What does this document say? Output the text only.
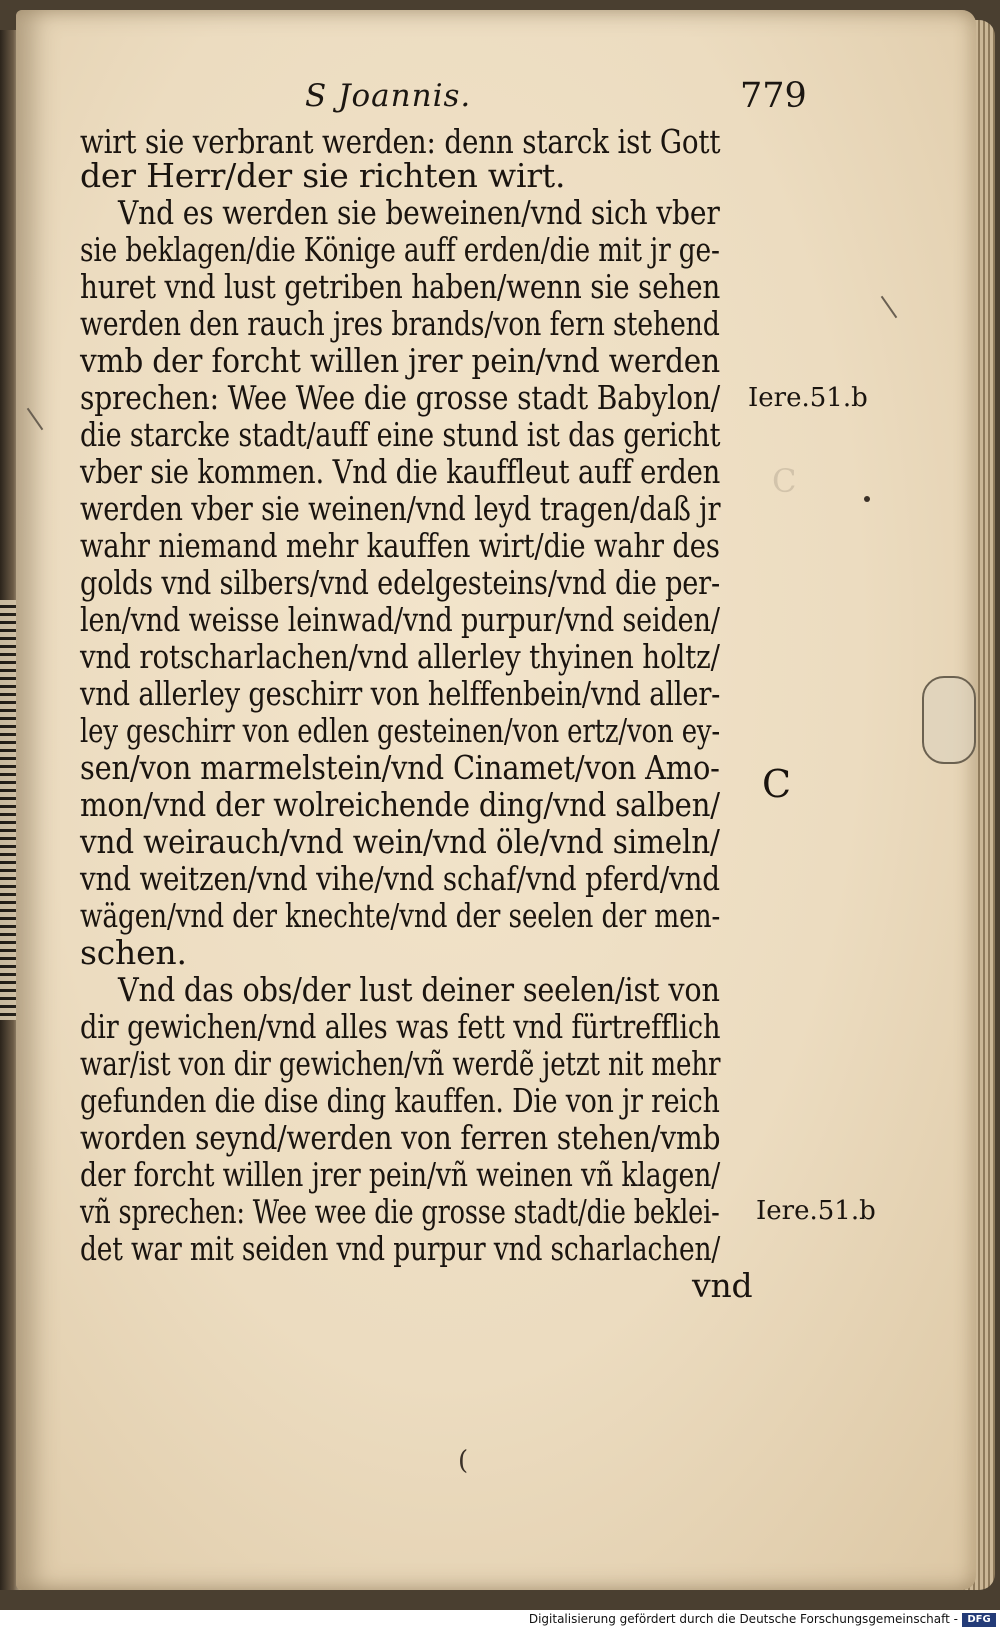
S Joannis.	779
wirt sie verbrant werden: denn starck ist Gott
der Herr/der sie richten wirt.
Vnd es werden sie beweinen/vnd sich vber
sie beklagen/die Könige auff erden/die mit jr ge-
huret vnd lust getriben haben/wenn sie sehen
werden den rauch jres brands/von fern stehend
vmb der forcht willen jrer pein/vnd werden
sprechen: Wee Wee die grosse stadt Babylon/
die starcke stadt/auff eine stund ist das gericht
vber sie kommen. Vnd die kauffleut auff erden
werden vber sie weinen/vnd leyd tragen/daß jr
wahr niemand mehr kauffen wirt/die wahr des
golds vnd silbers/vnd edelgesteins/vnd die per-
len/vnd weisse leinwad/vnd purpur/vnd seiden/
vnd rotscharlachen/vnd allerley thyinen holtz/
vnd allerley geschirr von helffenbein/vnd aller-
ley geschirr von edlen gesteinen/von ertz/von ey-
sen/von marmelstein/vnd Cinamet/von Amo-
mon/vnd der wolreichende ding/vnd salben/
vnd weirauch/vnd wein/vnd öle/vnd simeln/
vnd weitzen/vnd vihe/vnd schaf/vnd pferd/vnd
wägen/vnd der knechte/vnd der seelen der men-
schen.
Vnd das obs/der lust deiner seelen/ist von
dir gewichen/vnd alles was fett vnd fürtrefflich
war/ist von dir gewichen/vñ werdẽ jetzt nit mehr
gefunden die dise ding kauffen. Die von jr reich
worden seynd/werden von ferren stehen/vmb
der forcht willen jrer pein/vñ weinen vñ klagen/
vñ sprechen: Wee wee die grosse stadt/die beklei-
det war mit seiden vnd purpur vnd scharlachen/
vnd
Iere.51.b
Iere.51.b
C
C
(
Digitalisierung gefördert durch die Deutsche Forschungsgemeinschaft - DFG
